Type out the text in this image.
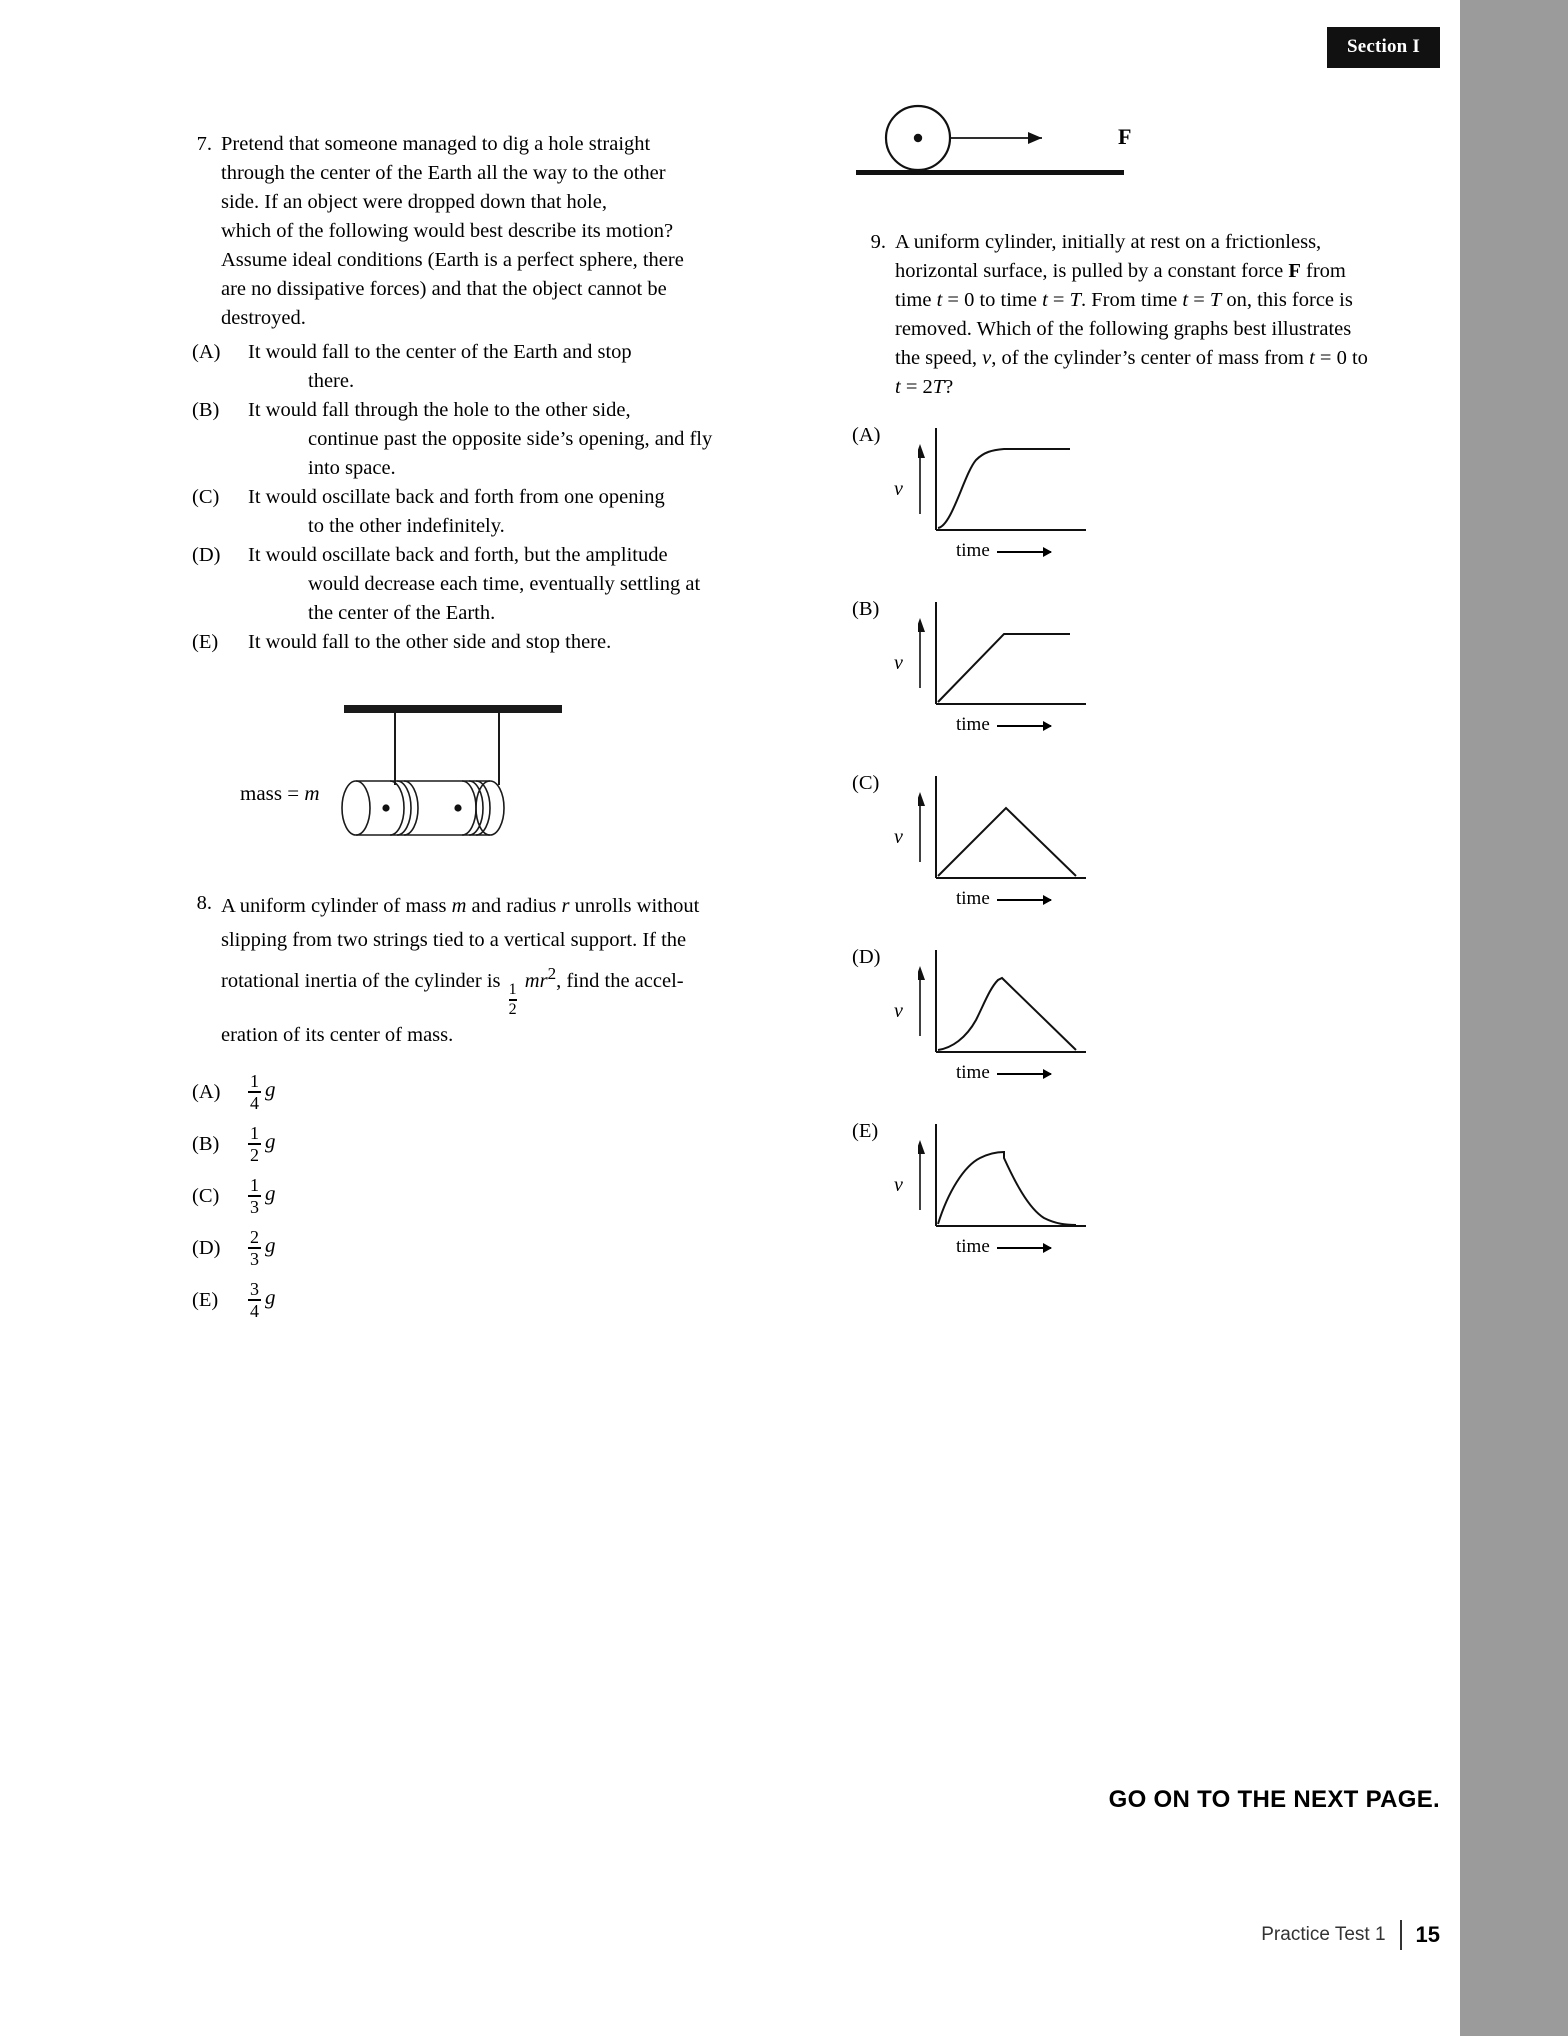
Section I
7. Pretend that someone managed to dig a hole straight
through the center of the Earth all the way to the other
side. If an object were dropped down that hole,
which of the following would best describe its motion?
Assume ideal conditions (Earth is a perfect sphere, there
are no dissipative forces) and that the object cannot be
destroyed.
(A)	It would fall to the center of the Earth and stop
there.
(B)	It would fall through the hole to the other side,
continue past the opposite side’s opening, and fly
into space.
(C)	It would oscillate back and forth from one opening
to the other indefinitely.
(D)	It would oscillate back and forth, but the amplitude
would decrease each time, eventually settling at
the center of the Earth.
(E)	It would fall to the other side and stop there.
mass = m
8. A uniform cylinder of mass m and radius r unrolls without
slipping from two strings tied to a vertical support. If the
rotational inertia of the cylinder is
$\frac{1}{2}$
$mr^2$, find the accel-
eration of its center of mass.
(A)	$\frac{1}{4}$ g
(B)	$\frac{1}{2}$ g
(C)	$\frac{1}{3}$ g
(D)	$\frac{2}{3}$ g
(E)	$\frac{3}{4}$ g
F
9. A uniform cylinder, initially at rest on a frictionless,
horizontal surface, is pulled by a constant force F from
time t = 0 to time t = T. From time t = T on, this force is
removed. Which of the following graphs best illustrates
the speed, v, of the cylinder’s center of mass from t = 0 to
t = 2T?
(A)
v
time
(B)
v
time
(C)
v
time
(D)
v
time
(E)
v
time
GO ON TO THE NEXT PAGE.
Practice Test 1 15
